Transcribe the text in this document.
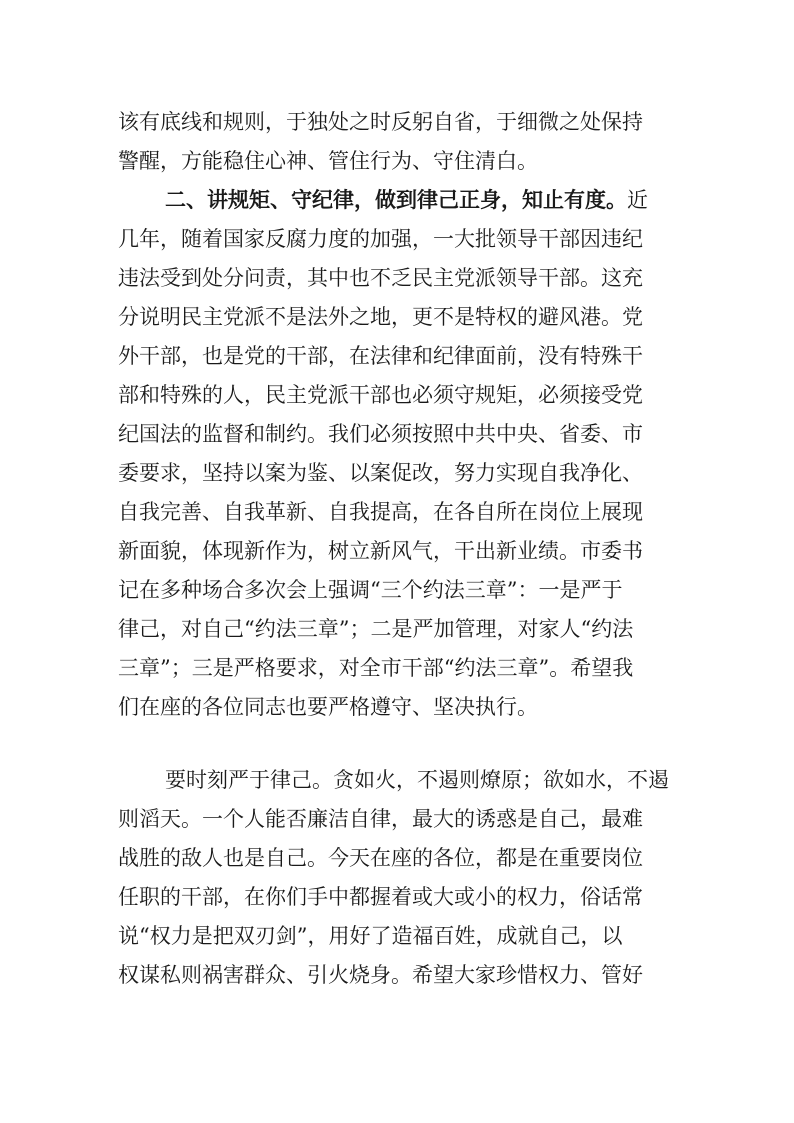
该有底线和规则，于独处之时反躬自省，于细微之处保持
警醒，方能稳住心神、管住行为、守住清白。
二、讲规矩、守纪律，做到律己正身，知止有度。近
几年，随着国家反腐力度的加强，一大批领导干部因违纪
违法受到处分问责，其中也不乏民主党派领导干部。这充
分说明民主党派不是法外之地，更不是特权的避风港。党
外干部，也是党的干部，在法律和纪律面前，没有特殊干
部和特殊的人，民主党派干部也必须守规矩，必须接受党
纪国法的监督和制约。我们必须按照中共中央、省委、市
委要求，坚持以案为鉴、以案促改，努力实现自我净化、
自我完善、自我革新、自我提高，在各自所在岗位上展现
新面貌，体现新作为，树立新风气，干出新业绩。市委书
记在多种场合多次会上强调“三个约法三章”：一是严于
律己，对自己“约法三章”；二是严加管理，对家人“约法
三章”；三是严格要求，对全市干部“约法三章”。希望我
们在座的各位同志也要严格遵守、坚决执行。
要时刻严于律己。贪如火，不遏则燎原；欲如水，不遏
则滔天。一个人能否廉洁自律，最大的诱惑是自己，最难
战胜的敌人也是自己。今天在座的各位，都是在重要岗位
任职的干部，在你们手中都握着或大或小的权力，俗话常
说“权力是把双刃剑”，用好了造福百姓，成就自己，以
权谋私则祸害群众、引火烧身。希望大家珍惜权力、管好
